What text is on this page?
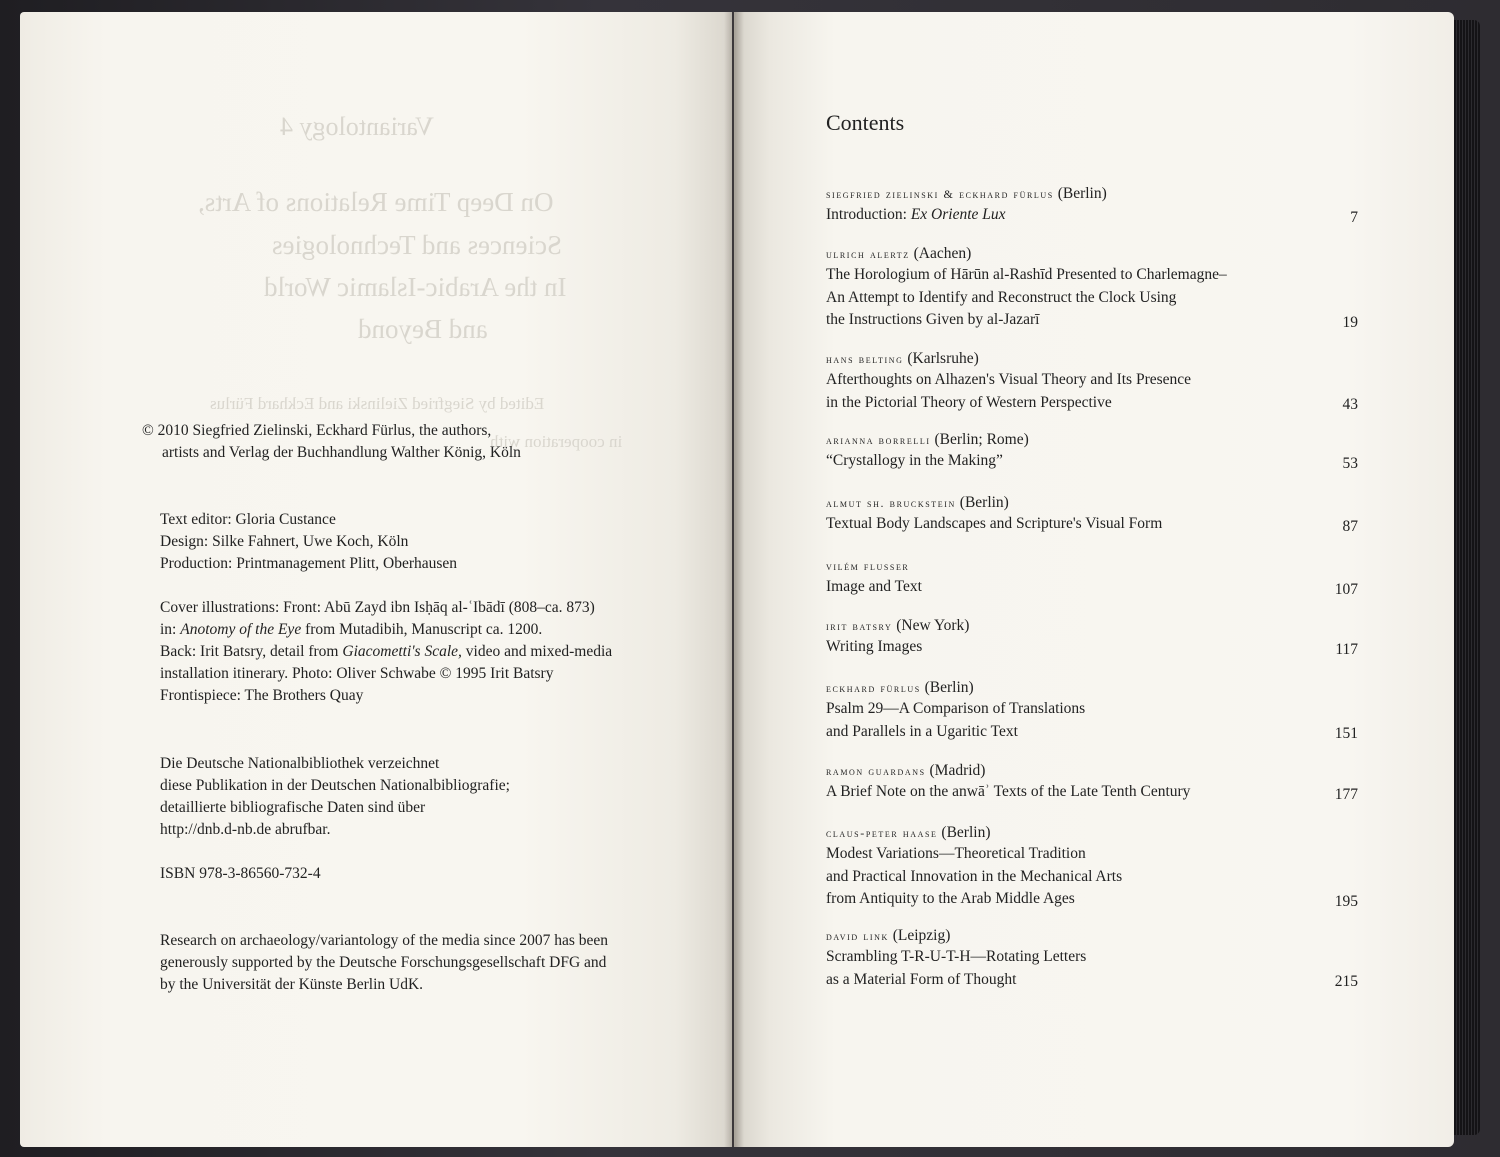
Variantology 4
On Deep Time Relations of Arts,
Sciences and Technologies
In the Arabic-Islamic World
and Beyond
Edited by Siegfried Zielinski and Eckhard Fürlus
in cooperation with

© 2010 Siegfried Zielinski, Eckhard Fürlus, the authors,

artists and Verlag der Buchhandlung Walther König, Köln

Text editor: Gloria Custance

Design: Silke Fahnert, Uwe Koch, Köln

Production: Printmanagement Plitt, Oberhausen

Cover illustrations: Front: Abū Zayd ibn Isḥāq al-ʿIbādī (808–ca. 873)

in: Anotomy of the Eye from Mutadibih, Manuscript ca. 1200.

Back: Irit Batsry, detail from Giacometti's Scale, video and mixed-media

installation itinerary. Photo: Oliver Schwabe © 1995 Irit Batsry

Frontispiece: The Brothers Quay

Die Deutsche Nationalbibliothek verzeichnet

diese Publikation in der Deutschen Nationalbibliografie;

detaillierte bibliografische Daten sind über

http://dnb.d-nb.de abrufbar.

ISBN 978-3-86560-732-4

Research on archaeology/variantology of the media since 2007 has been

generously supported by the Deutsche Forschungsgesellschaft DFG and

by the Universität der Künste Berlin UdK.

Contents
siegfried zielinski & eckhard fürlus (Berlin)
Introduction: Ex Oriente Lux	7
ulrich alertz (Aachen)
The Horologium of Hārūn al-Rashīd Presented to Charlemagne–
An Attempt to Identify and Reconstruct the Clock Using
the Instructions Given by al-Jazarī	19
hans belting (Karlsruhe)
Afterthoughts on Alhazen's Visual Theory and Its Presence
in the Pictorial Theory of Western Perspective	43
arianna borrelli (Berlin; Rome)
“Crystallogy in the Making”	53
almut sh. bruckstein (Berlin)
Textual Body Landscapes and Scripture's Visual Form	87
vilém flusser
Image and Text	107
irit batsry (New York)
Writing Images	117
eckhard fürlus (Berlin)
Psalm 29—A Comparison of Translations
and Parallels in a Ugaritic Text	151
ramon guardans (Madrid)
A Brief Note on the anwāʾ Texts of the Late Tenth Century	177
claus-peter haase (Berlin)
Modest Variations—Theoretical Tradition
and Practical Innovation in the Mechanical Arts
from Antiquity to the Arab Middle Ages	195
david link (Leipzig)
Scrambling T-R-U-T-H—Rotating Letters
as a Material Form of Thought	215
